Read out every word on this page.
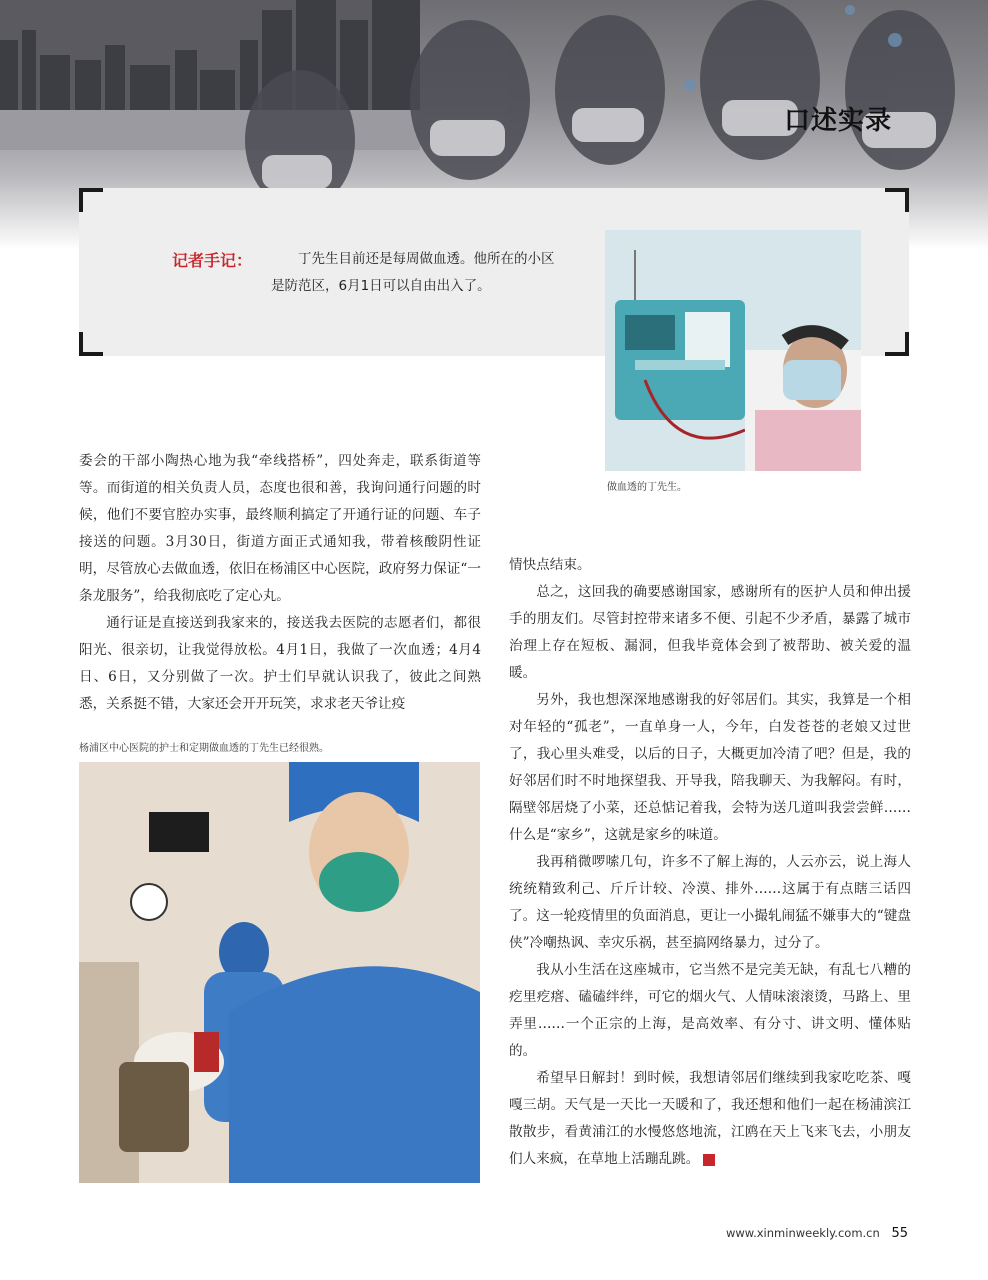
口述实录
记者手记：	丁先生目前还是每周做血透。他所在的小区是防范区，6月1日可以自由出入了。
做血透的丁先生。

委会的干部小陶热心地为我“牵线搭桥”，四处奔走，联系街道等等。而街道的相关负责人员，态度也很和善，我询问通行问题的时候，他们不要官腔办实事，最终顺利搞定了开通行证的问题、车子接送的问题。3月30日，街道方面正式通知我，带着核酸阴性证明，尽管放心去做血透，依旧在杨浦区中心医院，政府努力保证“一条龙服务”，给我彻底吃了定心丸。

通行证是直接送到我家来的，接送我去医院的志愿者们，都很阳光、很亲切，让我觉得放松。4月1日，我做了一次血透；4月4日、6日，又分别做了一次。护士们早就认识我了，彼此之间熟悉，关系挺不错，大家还会开开玩笑，求求老天爷让疫

杨浦区中心医院的护士和定期做血透的丁先生已经很熟。

情快点结束。

总之，这回我的确要感谢国家，感谢所有的医护人员和伸出援手的朋友们。尽管封控带来诸多不便、引起不少矛盾，暴露了城市治理上存在短板、漏洞，但我毕竟体会到了被帮助、被关爱的温暖。

另外，我也想深深地感谢我的好邻居们。其实，我算是一个相对年轻的“孤老”，一直单身一人，今年，白发苍苍的老娘又过世了，我心里头难受，以后的日子，大概更加冷清了吧？但是，我的好邻居们时不时地探望我、开导我，陪我聊天、为我解闷。有时，隔壁邻居烧了小菜，还总惦记着我，会特为送几道叫我尝尝鲜……什么是“家乡”，这就是家乡的味道。

我再稍微啰嗦几句，许多不了解上海的，人云亦云，说上海人统统精致利己、斤斤计较、冷漠、排外……这属于有点瞎三话四了。这一轮疫情里的负面消息，更让一小撮轧闹猛不嫌事大的“键盘侠”冷嘲热讽、幸灾乐祸，甚至搞网络暴力，过分了。

我从小生活在这座城市，它当然不是完美无缺，有乱七八糟的疙里疙瘩、磕磕绊绊，可它的烟火气、人情味滚滚烫，马路上、里弄里……一个正宗的上海，是高效率、有分寸、讲文明、懂体贴的。

希望早日解封！到时候，我想请邻居们继续到我家吃吃茶、嘎嘎三胡。天气是一天比一天暖和了，我还想和他们一起在杨浦滨江散散步，看黄浦江的水慢悠悠地流，江鸥在天上飞来飞去，小朋友们人来疯，在草地上活蹦乱跳。	民

www.xinminweekly.com.cn 55
